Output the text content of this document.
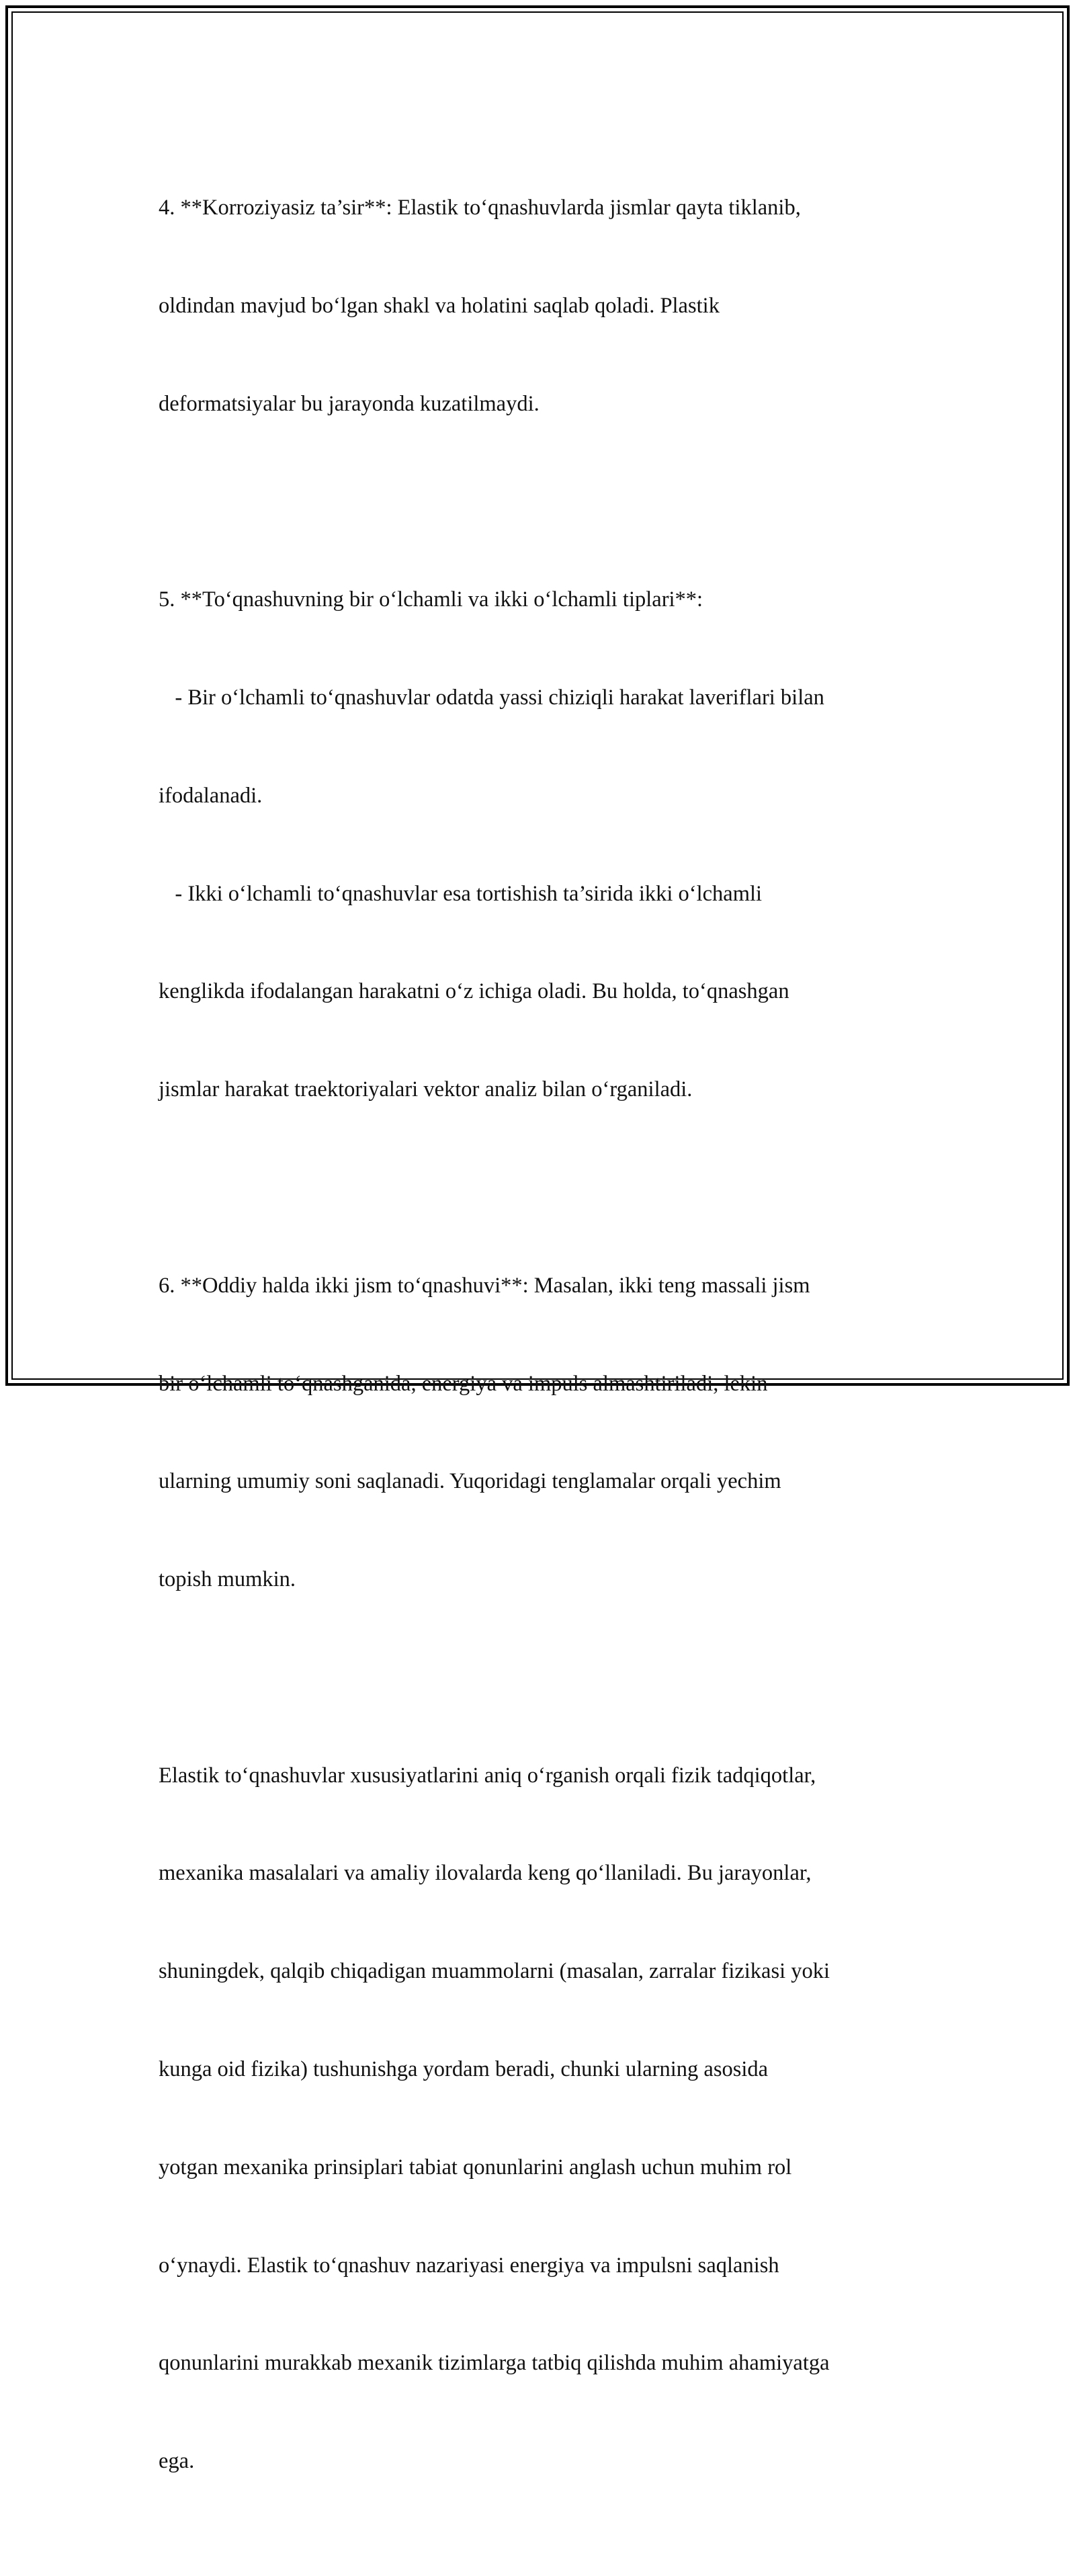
4. **Korroziyasiz ta’sir**: Elastik to‘qnashuvlarda jismlar qayta tiklanib,

oldindan mavjud bo‘lgan shakl va holatini saqlab qoladi. Plastik

deformatsiyalar bu jarayonda kuzatilmaydi.

5. **To‘qnashuvning bir o‘lchamli va ikki o‘lchamli tiplari**:

- Bir o‘lchamli to‘qnashuvlar odatda yassi chiziqli harakat laveriflari bilan

ifodalanadi.

- Ikki o‘lchamli to‘qnashuvlar esa tortishish ta’sirida ikki o‘lchamli

kenglikda ifodalangan harakatni o‘z ichiga oladi. Bu holda, to‘qnashgan

jismlar harakat traektoriyalari vektor analiz bilan o‘rganiladi.

6. **Oddiy halda ikki jism to‘qnashuvi**: Masalan, ikki teng massali jism

bir o‘lchamli to‘qnashganida, energiya va impuls almashtiriladi, lekin

ularning umumiy soni saqlanadi. Yuqoridagi tenglamalar orqali yechim

topish mumkin.

Elastik to‘qnashuvlar xususiyatlarini aniq o‘rganish orqali fizik tadqiqotlar,

mexanika masalalari va amaliy ilovalarda keng qo‘llaniladi. Bu jarayonlar,

shuningdek, qalqib chiqadigan muammolarni (masalan, zarralar fizikasi yoki

kunga oid fizika) tushunishga yordam beradi, chunki ularning asosida

yotgan mexanika prinsiplari tabiat qonunlarini anglash uchun muhim rol

o‘ynaydi. Elastik to‘qnashuv nazariyasi energiya va impulsni saqlanish

qonunlarini murakkab mexanik tizimlarga tatbiq qilishda muhim ahamiyatga

ega.
